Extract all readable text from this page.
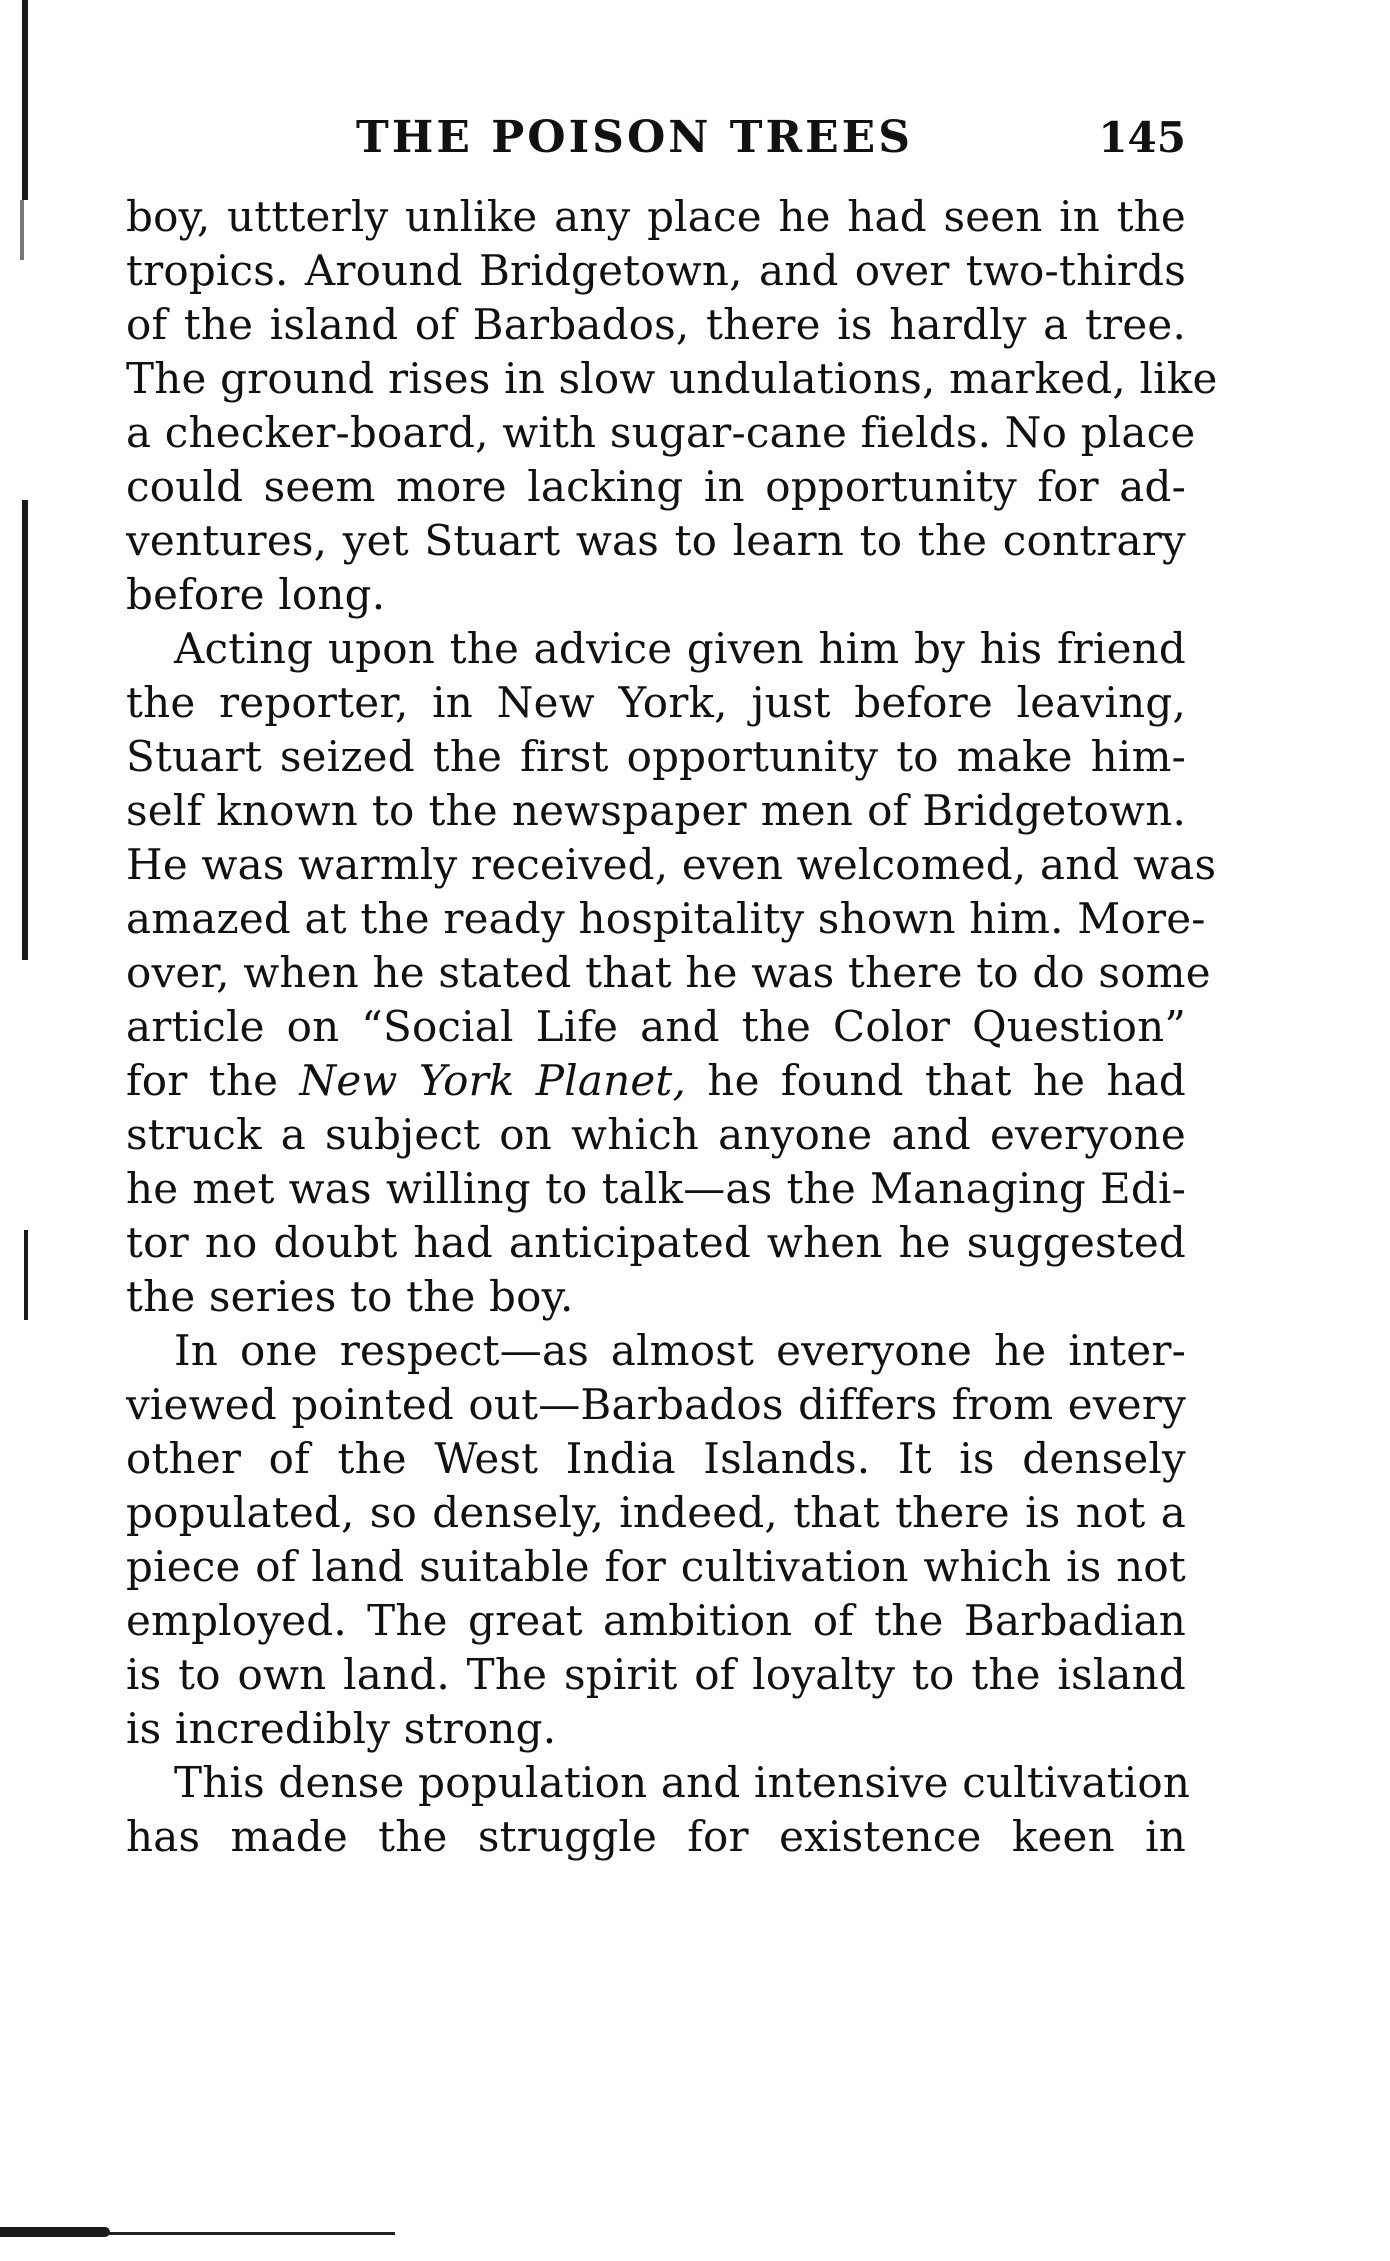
THE POISON TREES	145
boy, uttterly unlike any place he had seen in the
tropics. Around Bridgetown, and over two-thirds
of the island of Barbados, there is hardly a tree.
The ground rises in slow undulations, marked, like
a checker-board, with sugar-cane fields. No place
could seem more lacking in opportunity for ad-
ventures, yet Stuart was to learn to the contrary
before long.
Acting upon the advice given him by his friend
the reporter, in New York, just before leaving,
Stuart seized the first opportunity to make him-
self known to the newspaper men of Bridgetown.
He was warmly received, even welcomed, and was
amazed at the ready hospitality shown him. More-
over, when he stated that he was there to do some
article on “Social Life and the Color Question”
for the New York Planet, he found that he had
struck a subject on which anyone and everyone
he met was willing to talk—as the Managing Edi-
tor no doubt had anticipated when he suggested
the series to the boy.
In one respect—as almost everyone he inter-
viewed pointed out—Barbados differs from every
other of the West India Islands. It is densely
populated, so densely, indeed, that there is not a
piece of land suitable for cultivation which is not
employed. The great ambition of the Barbadian
is to own land. The spirit of loyalty to the island
is incredibly strong.
This dense population and intensive cultivation
has made the struggle for existence keen in
